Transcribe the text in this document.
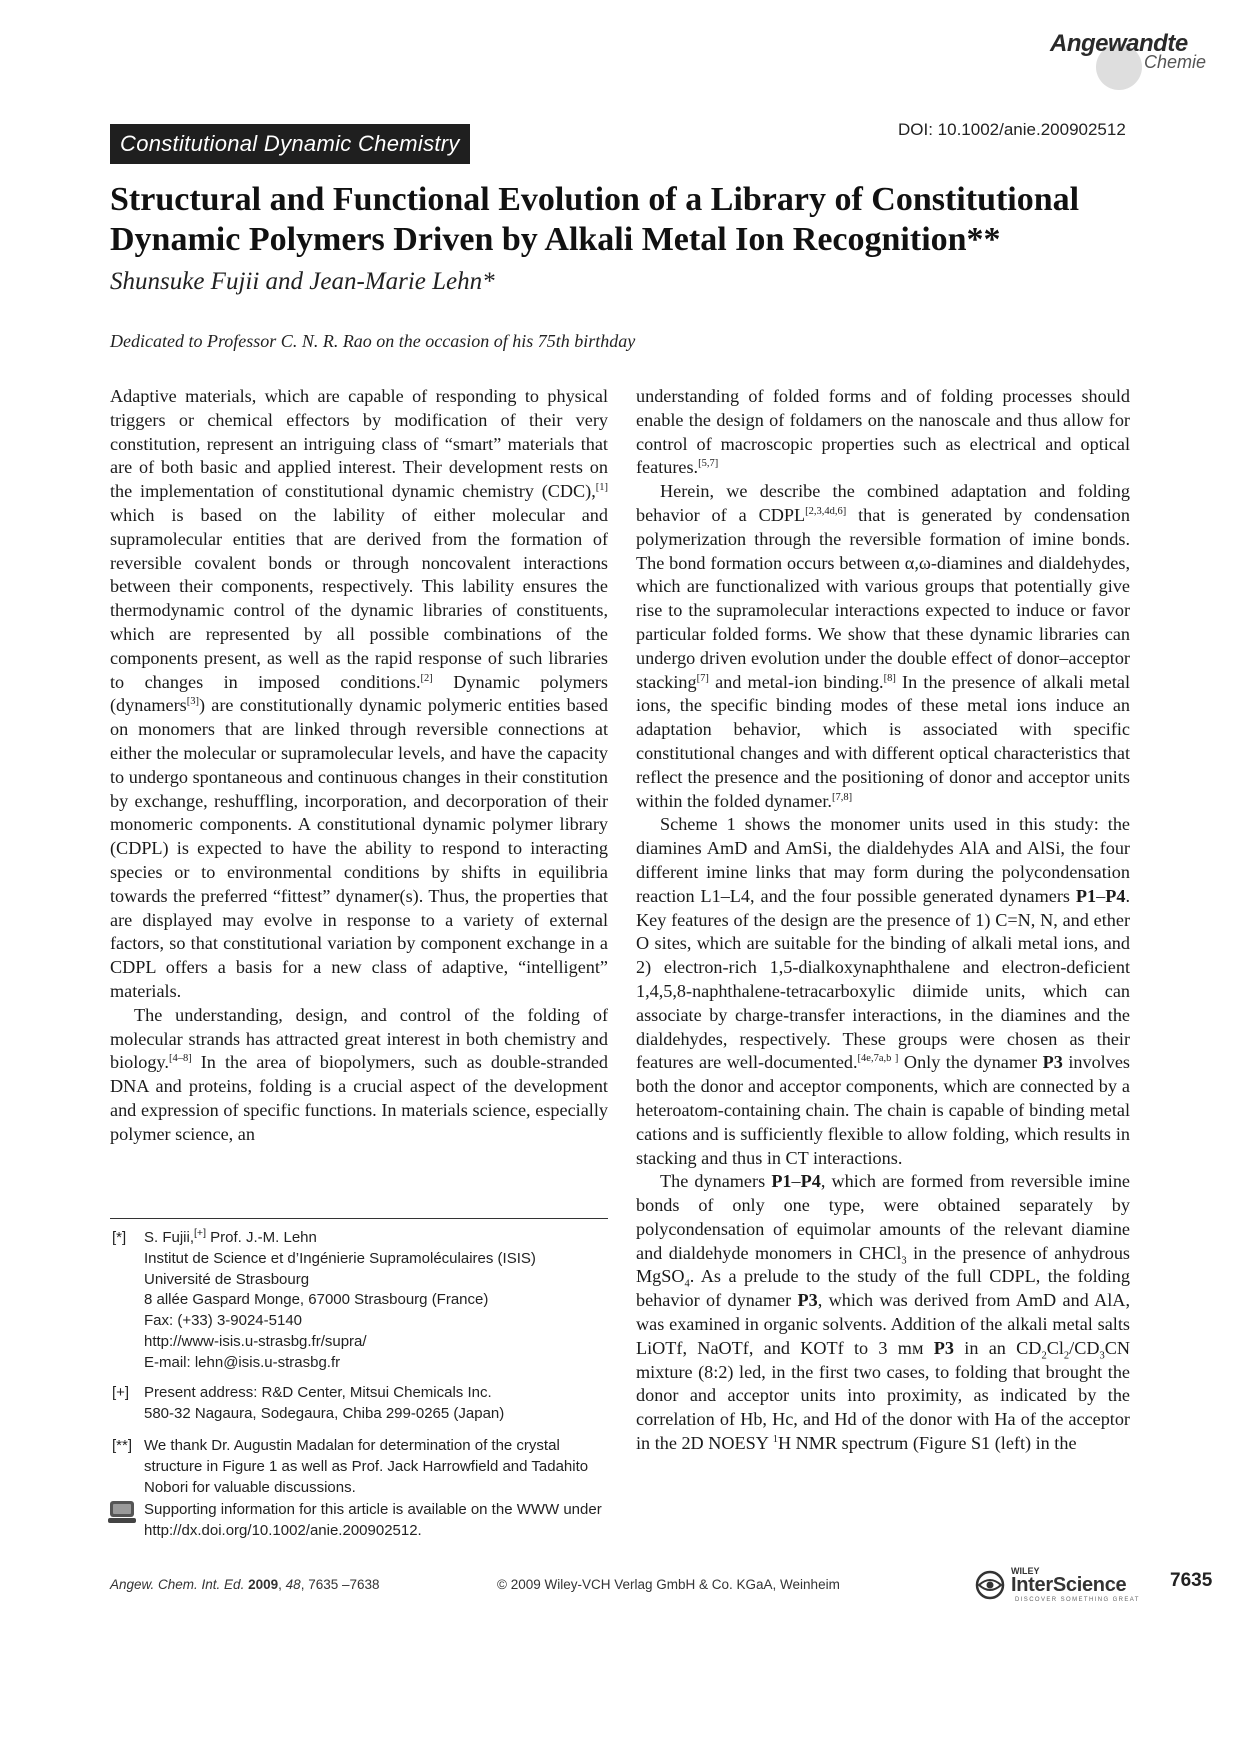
Angewandte
Chemie
DOI: 10.1002/anie.200902512
Constitutional Dynamic Chemistry
Structural and Functional Evolution of a Library of Constitutional Dynamic Polymers Driven by Alkali Metal Ion Recognition**
Shunsuke Fujii and Jean-Marie Lehn*
Dedicated to Professor C. N. R. Rao on the occasion of his 75th birthday

Adaptive materials, which are capable of responding to physical triggers or chemical effectors by modification of their very constitution, represent an intriguing class of “smart” materials that are of both basic and applied interest. Their development rests on the implementation of constitutional dynamic chemistry (CDC),[1] which is based on the lability of either molecular and supramolecular entities that are derived from the formation of reversible covalent bonds or through noncovalent interactions between their components, respectively. This lability ensures the thermodynamic control of the dynamic libraries of constituents, which are represented by all possible combinations of the components present, as well as the rapid response of such libraries to changes in imposed conditions.[2] Dynamic polymers (dynamers[3]) are constitutionally dynamic polymeric entities based on monomers that are linked through reversible connections at either the molecular or supramolecular levels, and have the capacity to undergo spontaneous and continuous changes in their constitution by exchange, reshuffling, incorporation, and decorporation of their monomeric components. A constitutional dynamic polymer library (CDPL) is expected to have the ability to respond to interacting species or to environmental conditions by shifts in equilibria towards the preferred “fittest” dynamer(s). Thus, the properties that are displayed may evolve in response to a variety of external factors, so that constitutional variation by component exchange in a CDPL offers a basis for a new class of adaptive, “intelligent” materials.

The understanding, design, and control of the folding of molecular strands has attracted great interest in both chemistry and biology.[4–8] In the area of biopolymers, such as double-stranded DNA and proteins, folding is a crucial aspect of the development and expression of specific functions. In materials science, especially polymer science, an

understanding of folded forms and of folding processes should enable the design of foldamers on the nanoscale and thus allow for control of macroscopic properties such as electrical and optical features.[5,7]

Herein, we describe the combined adaptation and folding behavior of a CDPL[2,3,4d,6] that is generated by condensation polymerization through the reversible formation of imine bonds. The bond formation occurs between α,ω-diamines and dialdehydes, which are functionalized with various groups that potentially give rise to the supramolecular interactions expected to induce or favor particular folded forms. We show that these dynamic libraries can undergo driven evolution under the double effect of donor–acceptor stacking[7] and metal-ion binding.[8] In the presence of alkali metal ions, the specific binding modes of these metal ions induce an adaptation behavior, which is associated with specific constitutional changes and with different optical characteristics that reflect the presence and the positioning of donor and acceptor units within the folded dynamer.[7,8]

Scheme 1 shows the monomer units used in this study: the diamines AmD and AmSi, the dialdehydes AlA and AlSi, the four different imine links that may form during the polycondensation reaction L1–L4, and the four possible generated dynamers P1–P4. Key features of the design are the presence of 1) C=N, N, and ether O sites, which are suitable for the binding of alkali metal ions, and 2) electron-rich 1,5-dialkoxynaphthalene and electron-deficient 1,4,5,8-naphthalene-tetracarboxylic diimide units, which can associate by charge-transfer interactions, in the diamines and the dialdehydes, respectively. These groups were chosen as their features are well-documented.[4e,7a,b ] Only the dynamer P3 involves both the donor and acceptor components, which are connected by a heteroatom-containing chain. The chain is capable of binding metal cations and is sufficiently flexible to allow folding, which results in stacking and thus in CT interactions.

The dynamers P1–P4, which are formed from reversible imine bonds of only one type, were obtained separately by polycondensation of equimolar amounts of the relevant diamine and dialdehyde monomers in CHCl$_3$ in the presence of anhydrous MgSO$_4$. As a prelude to the study of the full CDPL, the folding behavior of dynamer P3, which was derived from AmD and AlA, was examined in organic solvents. Addition of the alkali metal salts LiOTf, NaOTf, and KOTf to 3 mᴍ P3 in an $CD_2Cl_2/CD_3CN$ mixture (8:2) led, in the first two cases, to folding that brought the donor and acceptor units into proximity, as indicated by the correlation of Hb, Hc, and Hd of the donor with Ha of the acceptor in the 2D NOESY $^1$H NMR spectrum (Figure S1 (left) in the

[*]	S. Fujii,[+] Prof. J.-M. Lehn
Institut de Science et d’Ingénierie Supramoléculaires (ISIS)
Université de Strasbourg
8 allée Gaspard Monge, 67000 Strasbourg (France)
Fax: (+33) 3-9024-5140
http://www-isis.u-strasbg.fr/supra/
E-mail: lehn@isis.u-strasbg.fr
[+] Present address: R&D Center, Mitsui Chemicals Inc.
580-32 Nagaura, Sodegaura, Chiba 299-0265 (Japan)
[**] We thank Dr. Augustin Madalan for determination of the crystal structure in Figure 1 as well as Prof. Jack Harrowfield and Tadahito Nobori for valuable discussions.
Supporting information for this article is available on the WWW under http://dx.doi.org/10.1002/anie.200902512.
Angew. Chem. Int. Ed. 2009, 48, 7635 –7638	© 2009 Wiley-VCH Verlag GmbH & Co. KGaA, Weinheim
WILEY
InterScience
DISCOVER SOMETHING GREAT
7635
